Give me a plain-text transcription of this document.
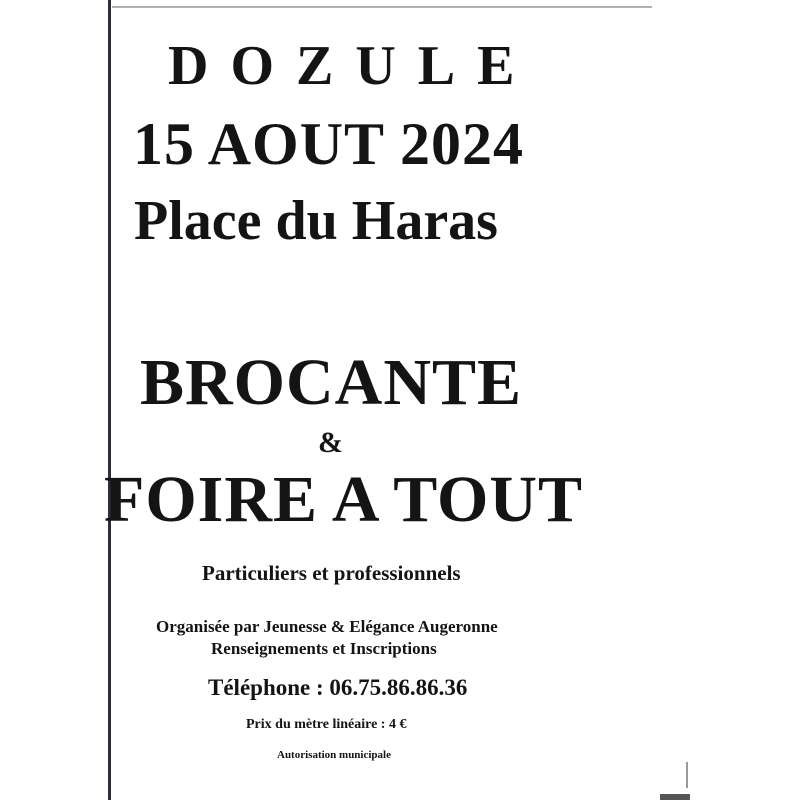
DOZULE
15 AOUT 2024
Place du Haras
BROCANTE
&
FOIRE A TOUT
Particuliers et professionnels
Organisée par Jeunesse & Elégance Augeronne
Renseignements et Inscriptions
Téléphone : 06.75.86.86.36
Prix du mètre linéaire : 4 €
Autorisation municipale
